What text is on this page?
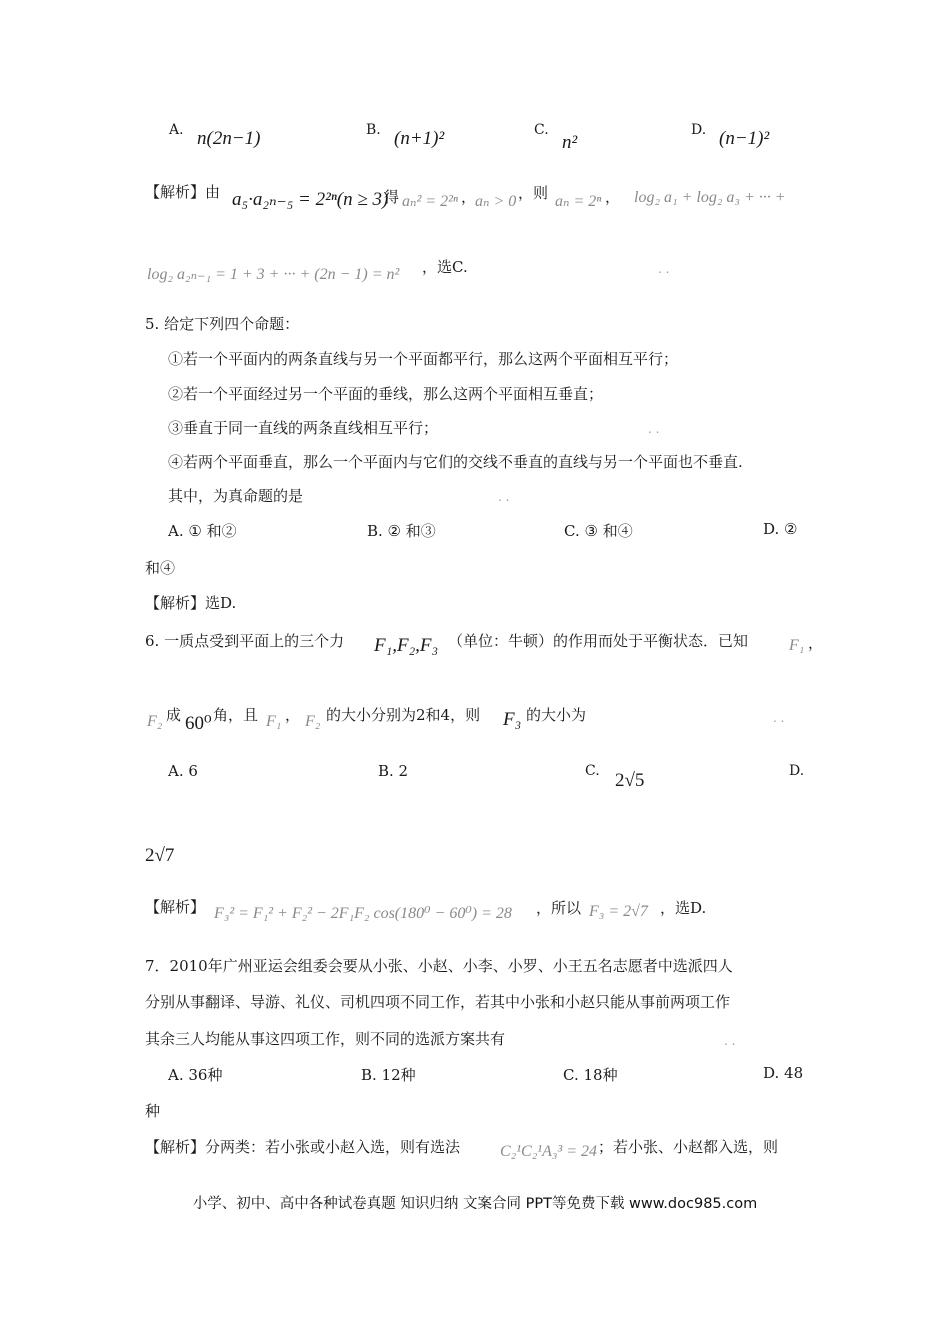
A. n(2n−1)	B. (n+1)²	C.
n²
D. (n−1)²
【解析】由 a₅·a₂ₙ₋₅ = 2²ⁿ(n ≥ 3)
得 aₙ² = 2²ⁿ ，
aₙ > 0 ，则 aₙ = 2ⁿ ， log₂ a₁ + log₂ a₃ + ··· +
log₂ a₂ₙ₋₁ = 1 + 3 + ··· + (2n − 1) = n² ，选C.	. .
5. 给定下列四个命题：
①若一个平面内的两条直线与另一个平面都平行，那么这两个平面相互平行；
②若一个平面经过另一个平面的垂线，那么这两个平面相互垂直；
③垂直于同一直线的两条直线相互平行；	. .
④若两个平面垂直，那么一个平面内与它们的交线不垂直的直线与另一个平面也不垂直.
其中，为真命题的是	. .
A. ① 和②	B. ② 和③	C. ③ 和④	D. ②
和④
【解析】选D.
6. 一质点受到平面上的三个力 F₁,F₂,F₃ （单位：牛顿）的作用而处于平衡状态．已知	F₁ ，
F₂ 成 60⁰ 角，且 F₁ ， F₂ 的大小分别为2和4，则 F₃ 的大小为	. .
A. 6	B. 2	C. 2√5	D.
2√7
【解析】 F₃² = F₁² + F₂² − 2F₁F₂ cos(180⁰ − 60⁰) = 28 ，所以 F₃ = 2√7 ，选D.
7．2010年广州亚运会组委会要从小张、小赵、小李、小罗、小王五名志愿者中选派四人
分别从事翻译、导游、礼仪、司机四项不同工作，若其中小张和小赵只能从事前两项工作
其余三人均能从事这四项工作，则不同的选派方案共有	. .
A. 36种	B. 12种	C. 18种	D. 48
种
【解析】分两类：若小张或小赵入选，则有选法 C₂¹C₂¹A₃³ = 24 ；若小张、小赵都入选，则
小学、初中、高中各种试卷真题 知识归纳 文案合同 PPT等免费下载 www.doc985.com
